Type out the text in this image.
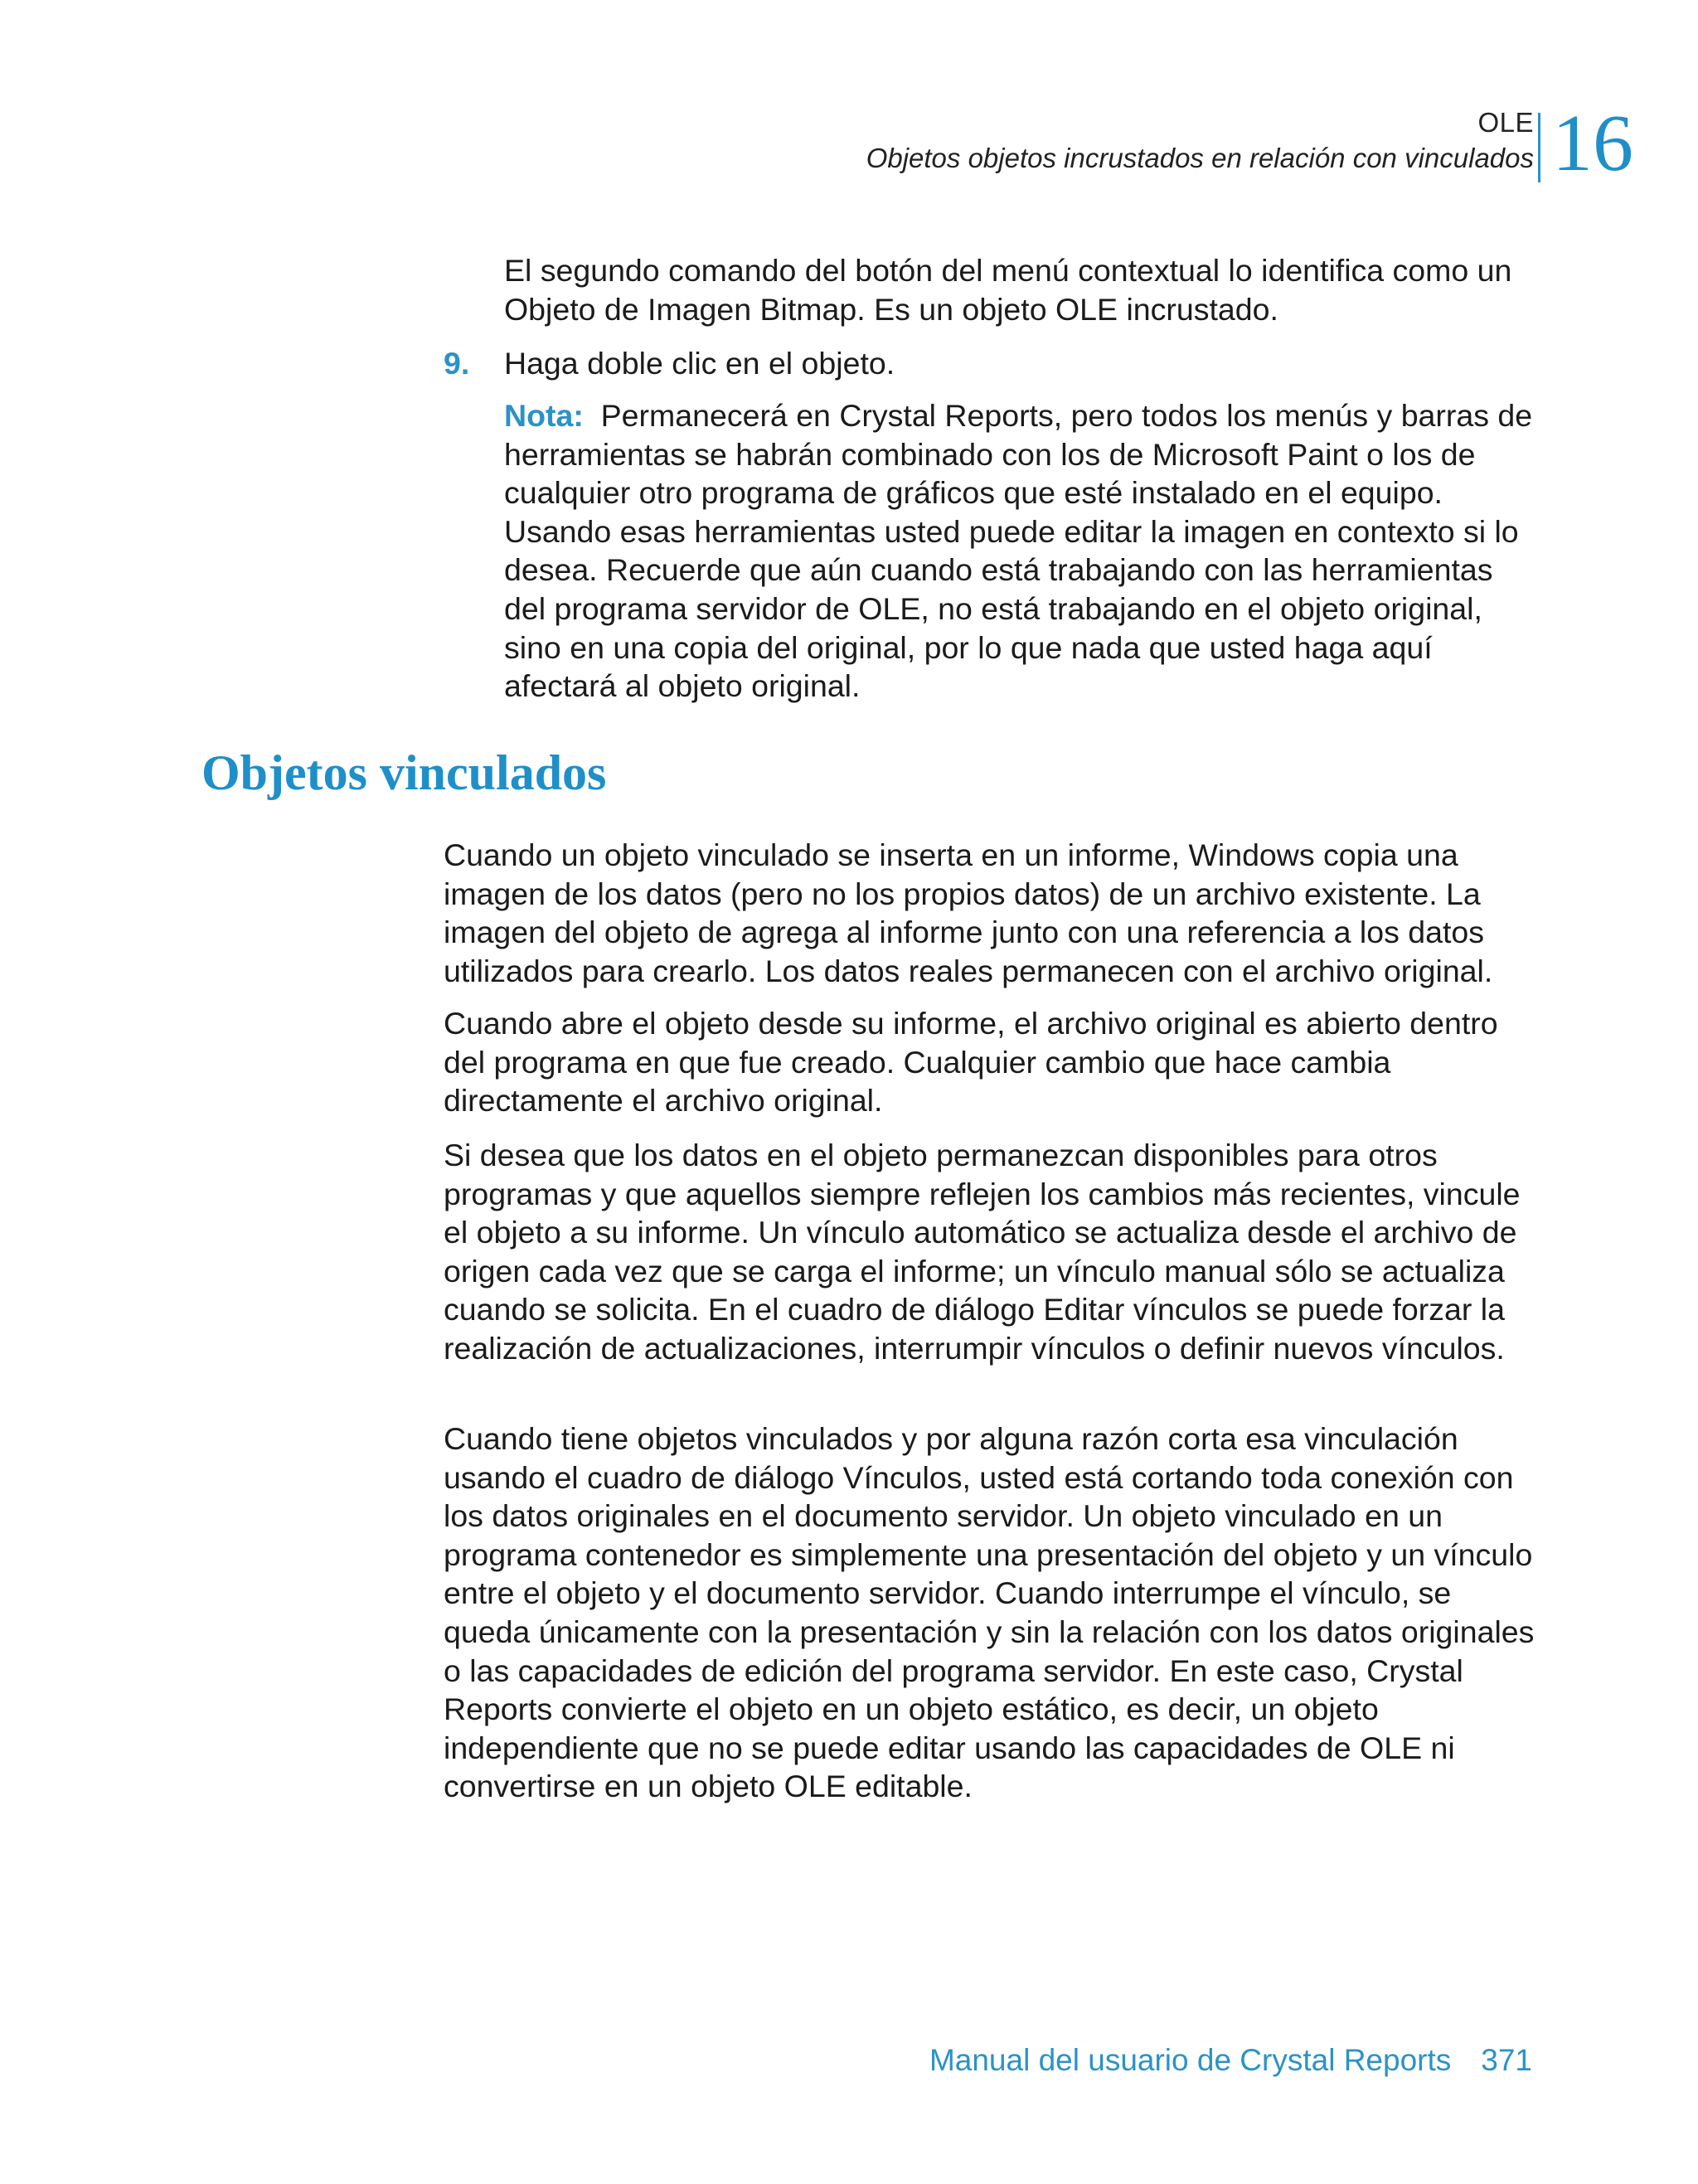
OLE
Objetos objetos incrustados en relación con vinculados 16

El segundo comando del botón del menú contextual lo identifica como un Objeto de Imagen Bitmap. Es un objeto OLE incrustado.

9. Haga doble clic en el objeto.

Nota: Permanecerá en Crystal Reports, pero todos los menús y barras de herramientas se habrán combinado con los de Microsoft Paint o los de cualquier otro programa de gráficos que esté instalado en el equipo. Usando esas herramientas usted puede editar la imagen en contexto si lo desea. Recuerde que aún cuando está trabajando con las herramientas del programa servidor de OLE, no está trabajando en el objeto original, sino en una copia del original, por lo que nada que usted haga aquí afectará al objeto original.

Objetos vinculados

Cuando un objeto vinculado se inserta en un informe, Windows copia una imagen de los datos (pero no los propios datos) de un archivo existente. La imagen del objeto de agrega al informe junto con una referencia a los datos utilizados para crearlo. Los datos reales permanecen con el archivo original.

Cuando abre el objeto desde su informe, el archivo original es abierto dentro del programa en que fue creado. Cualquier cambio que hace cambia directamente el archivo original.

Si desea que los datos en el objeto permanezcan disponibles para otros programas y que aquellos siempre reflejen los cambios más recientes, vincule el objeto a su informe. Un vínculo automático se actualiza desde el archivo de origen cada vez que se carga el informe; un vínculo manual sólo se actualiza cuando se solicita. En el cuadro de diálogo Editar vínculos se puede forzar la realización de actualizaciones, interrumpir vínculos o definir nuevos vínculos.

Cuando tiene objetos vinculados y por alguna razón corta esa vinculación usando el cuadro de diálogo Vínculos, usted está cortando toda conexión con los datos originales en el documento servidor. Un objeto vinculado en un programa contenedor es simplemente una presentación del objeto y un vínculo entre el objeto y el documento servidor. Cuando interrumpe el vínculo, se queda únicamente con la presentación y sin la relación con los datos originales o las capacidades de edición del programa servidor. En este caso, Crystal Reports convierte el objeto en un objeto estático, es decir, un objeto independiente que no se puede editar usando las capacidades de OLE ni convertirse en un objeto OLE editable.

Manual del usuario de Crystal Reports 371
